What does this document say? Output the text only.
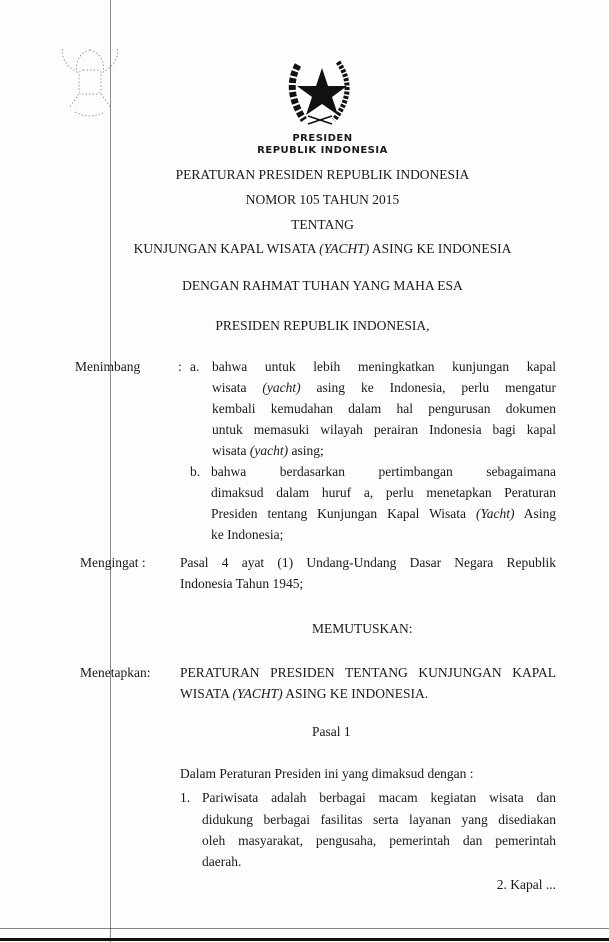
PRESIDEN
REPUBLIK INDONESIA
PERATURAN PRESIDEN REPUBLIK INDONESIA
NOMOR 105 TAHUN 2015
TENTANG
KUNJUNGAN KAPAL WISATA (YACHT) ASING KE INDONESIA
DENGAN RAHMAT TUHAN YANG MAHA ESA
PRESIDEN REPUBLIK INDONESIA,
Menimbang	: a. bahwa untuk lebih meningkatkan kunjungan kapal
wisata (yacht) asing ke Indonesia, perlu mengatur
kembali kemudahan dalam hal pengurusan dokumen
untuk memasuki wilayah perairan Indonesia bagi kapal
wisata (yacht) asing;
b. bahwa berdasarkan pertimbangan sebagaimana
dimaksud dalam huruf a, perlu menetapkan Peraturan
Presiden tentang Kunjungan Kapal Wisata (Yacht) Asing
ke Indonesia;
Mengingat :	Pasal 4 ayat (1) Undang-Undang Dasar Negara Republik
Indonesia Tahun 1945;
MEMUTUSKAN:
Menetapkan: PERATURAN PRESIDEN TENTANG KUNJUNGAN KAPAL
WISATA (YACHT) ASING KE INDONESIA.
Pasal 1
Dalam Peraturan Presiden ini yang dimaksud dengan :
1. Pariwisata adalah berbagai macam kegiatan wisata dan
didukung berbagai fasilitas serta layanan yang disediakan
oleh masyarakat, pengusaha, pemerintah dan pemerintah
daerah.
2. Kapal ...
